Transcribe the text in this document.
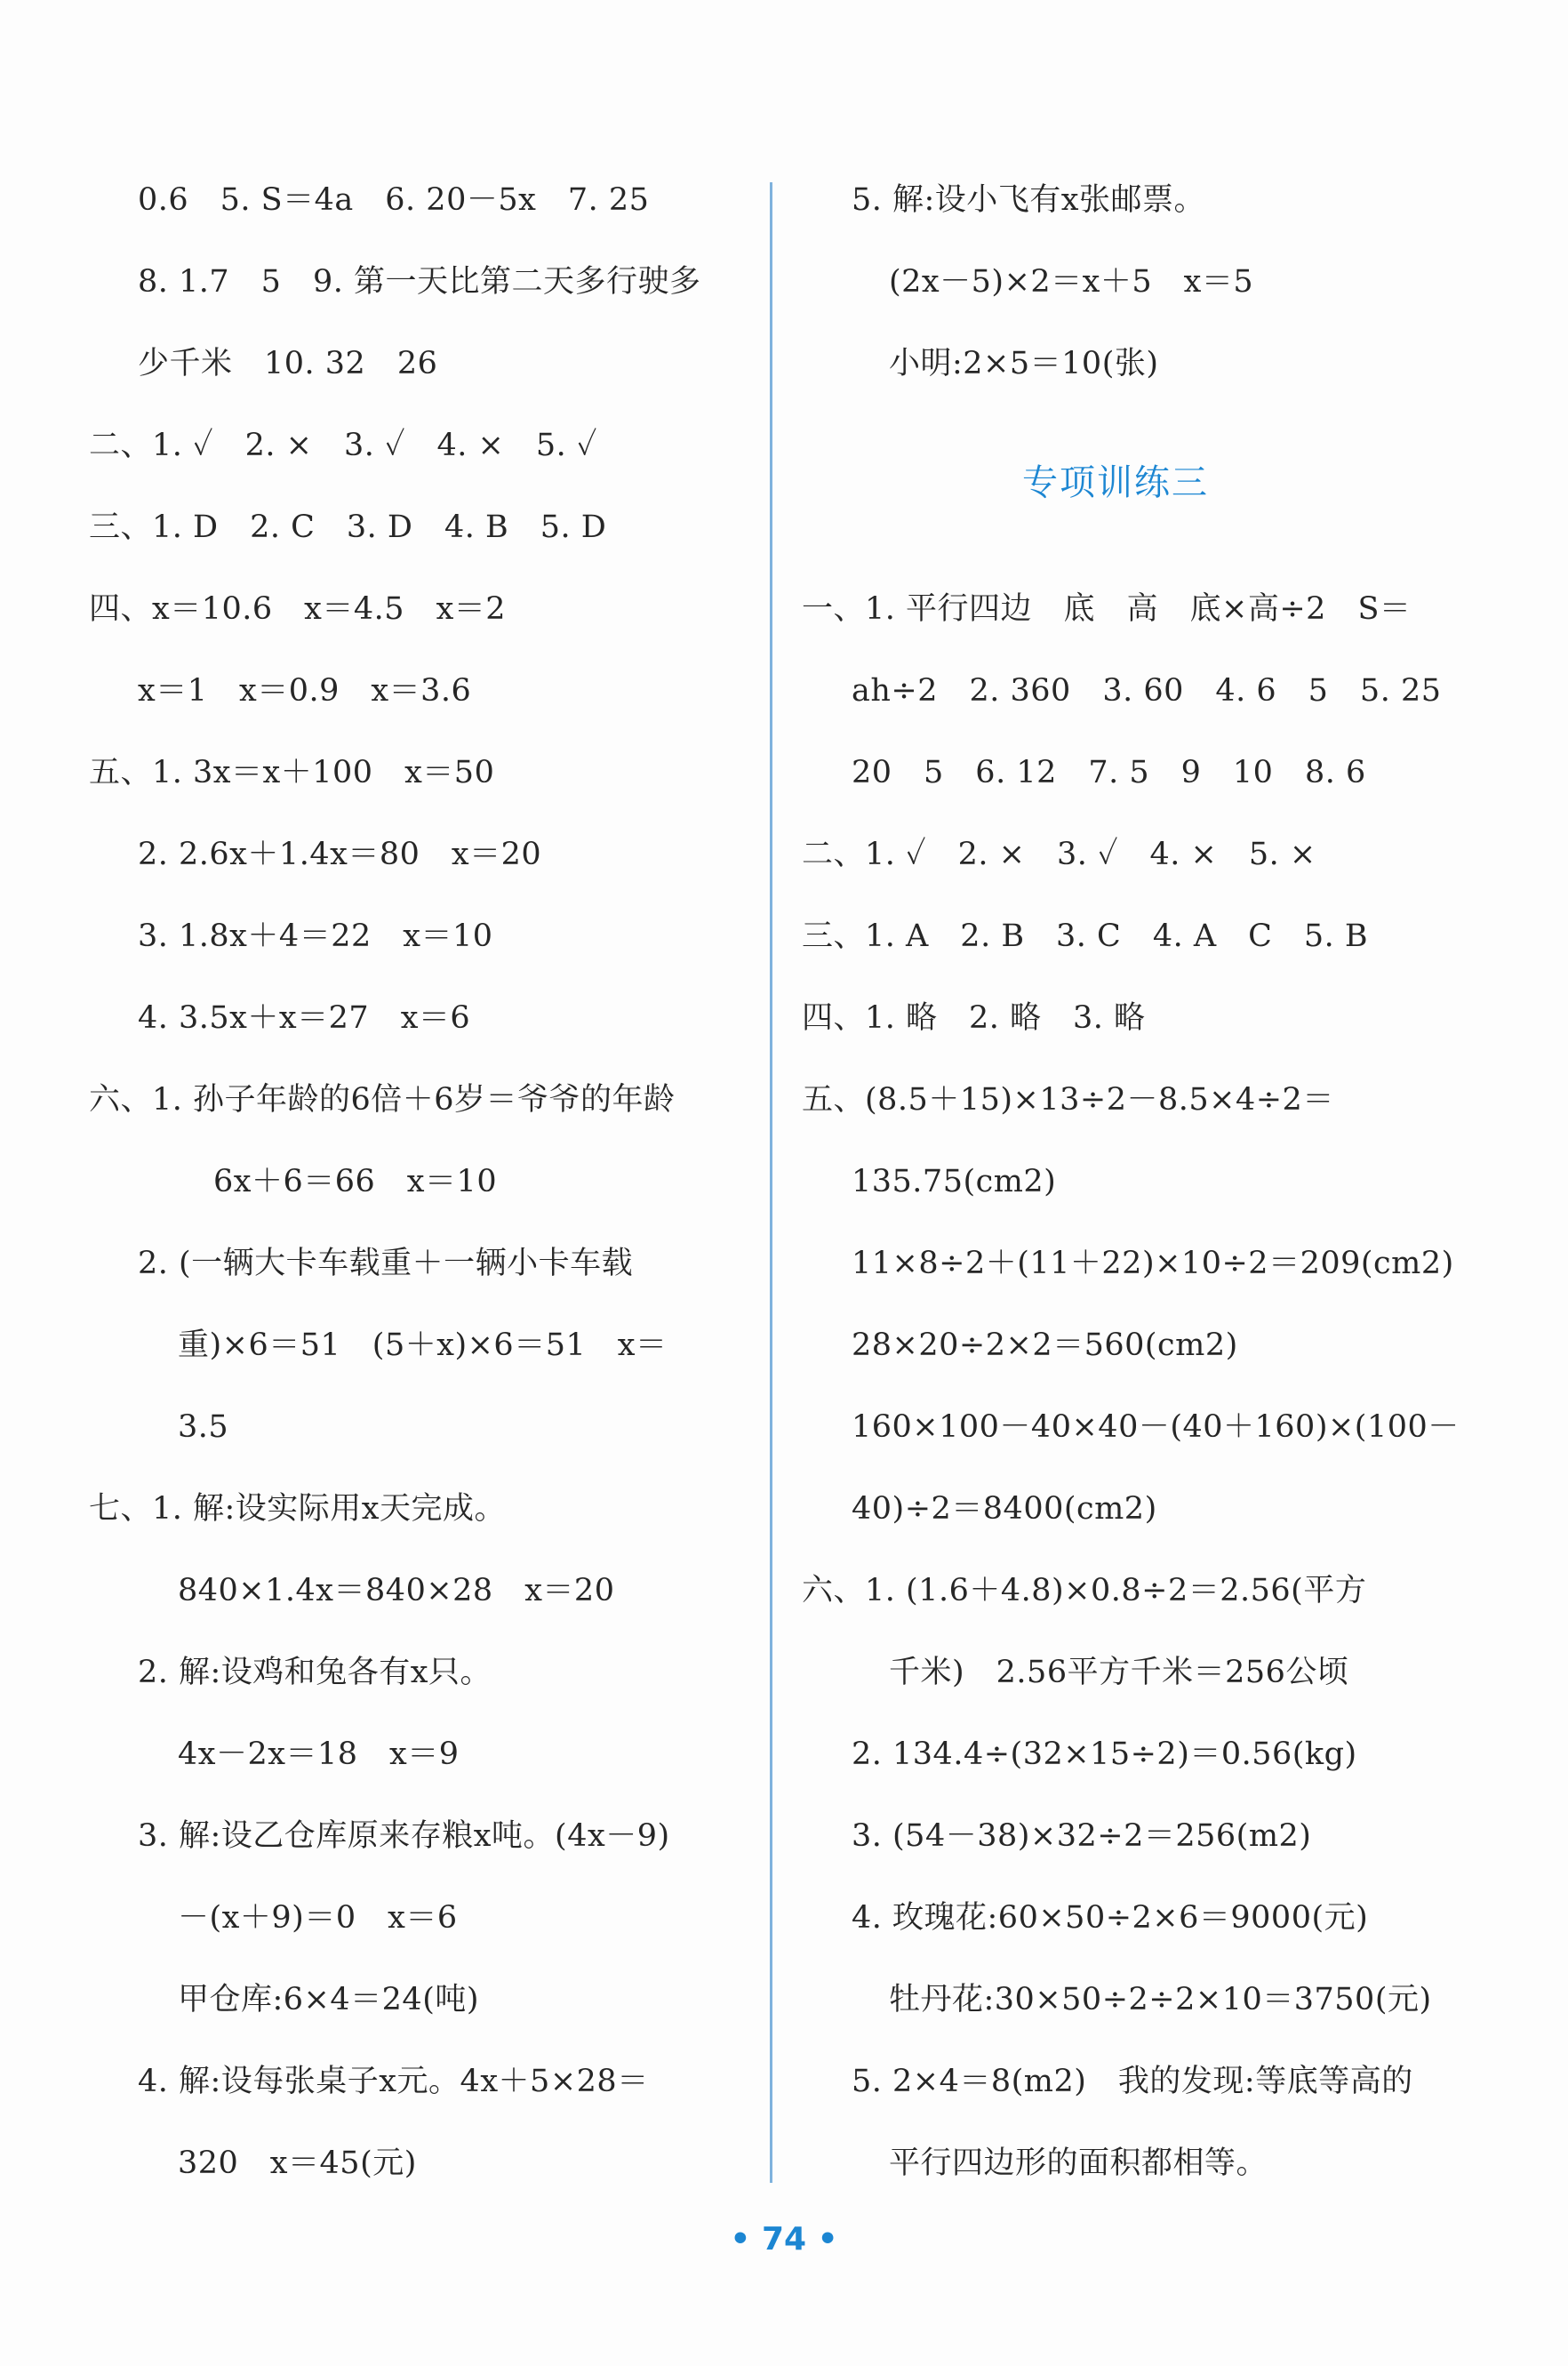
0.6　5. S＝4a　6. 20－5x　7. 25
8. 1.7　5　9. 第一天比第二天多行驶多
少千米　10. 32　26
二、1. ✓　2. ×　3. ✓　4. ×　5. ✓
三、1. D　2. C　3. D　4. B　5. D
四、x＝10.6　x＝4.5　x＝2
x＝1　x＝0.9　x＝3.6
五、1. 3x＝x＋100　x＝50
2. 2.6x＋1.4x＝80　x＝20
3. 1.8x＋4＝22　x＝10
4. 3.5x＋x＝27　x＝6
六、1. 孙子年龄的6倍＋6岁＝爷爷的年龄
6x＋6＝66　x＝10
2. (一辆大卡车载重＋一辆小卡车载
重)×6＝51　(5＋x)×6＝51　x＝
3.5
七、1. 解:设实际用x天完成。
840×1.4x＝840×28　x＝20
2. 解:设鸡和兔各有x只。
4x－2x＝18　x＝9
3. 解:设乙仓库原来存粮x吨。(4x－9)
－(x＋9)＝0　x＝6
甲仓库:6×4＝24(吨)
4. 解:设每张桌子x元。4x＋5×28＝
320　x＝45(元)
5. 解:设小飞有x张邮票。
(2x－5)×2＝x＋5　x＝5
小明:2×5＝10(张)
一、1. 平行四边　底　高　底×高÷2　S＝
ah÷2　2. 360　3. 60　4. 6　5　5. 25
20　5　6. 12　7. 5　9　10　8. 6
二、1. ✓　2. ×　3. ✓　4. ×　5. ×
三、1. A　2. B　3. C　4. A　C　5. B
四、1. 略　2. 略　3. 略
五、(8.5＋15)×13÷2－8.5×4÷2＝
135.75(cm2)
11×8÷2＋(11＋22)×10÷2＝209(cm2)
28×20÷2×2＝560(cm2)
160×100－40×40－(40＋160)×(100－
40)÷2＝8400(cm2)
六、1. (1.6＋4.8)×0.8÷2＝2.56(平方
千米)　2.56平方千米＝256公顷
2. 134.4÷(32×15÷2)＝0.56(kg)
3. (54－38)×32÷2＝256(m2)
4. 玫瑰花:60×50÷2×6＝9000(元)
牡丹花:30×50÷2÷2×10＝3750(元)
5. 2×4＝8(m2)　我的发现:等底等高的
平行四边形的面积都相等。
专项训练三
• 74 •
